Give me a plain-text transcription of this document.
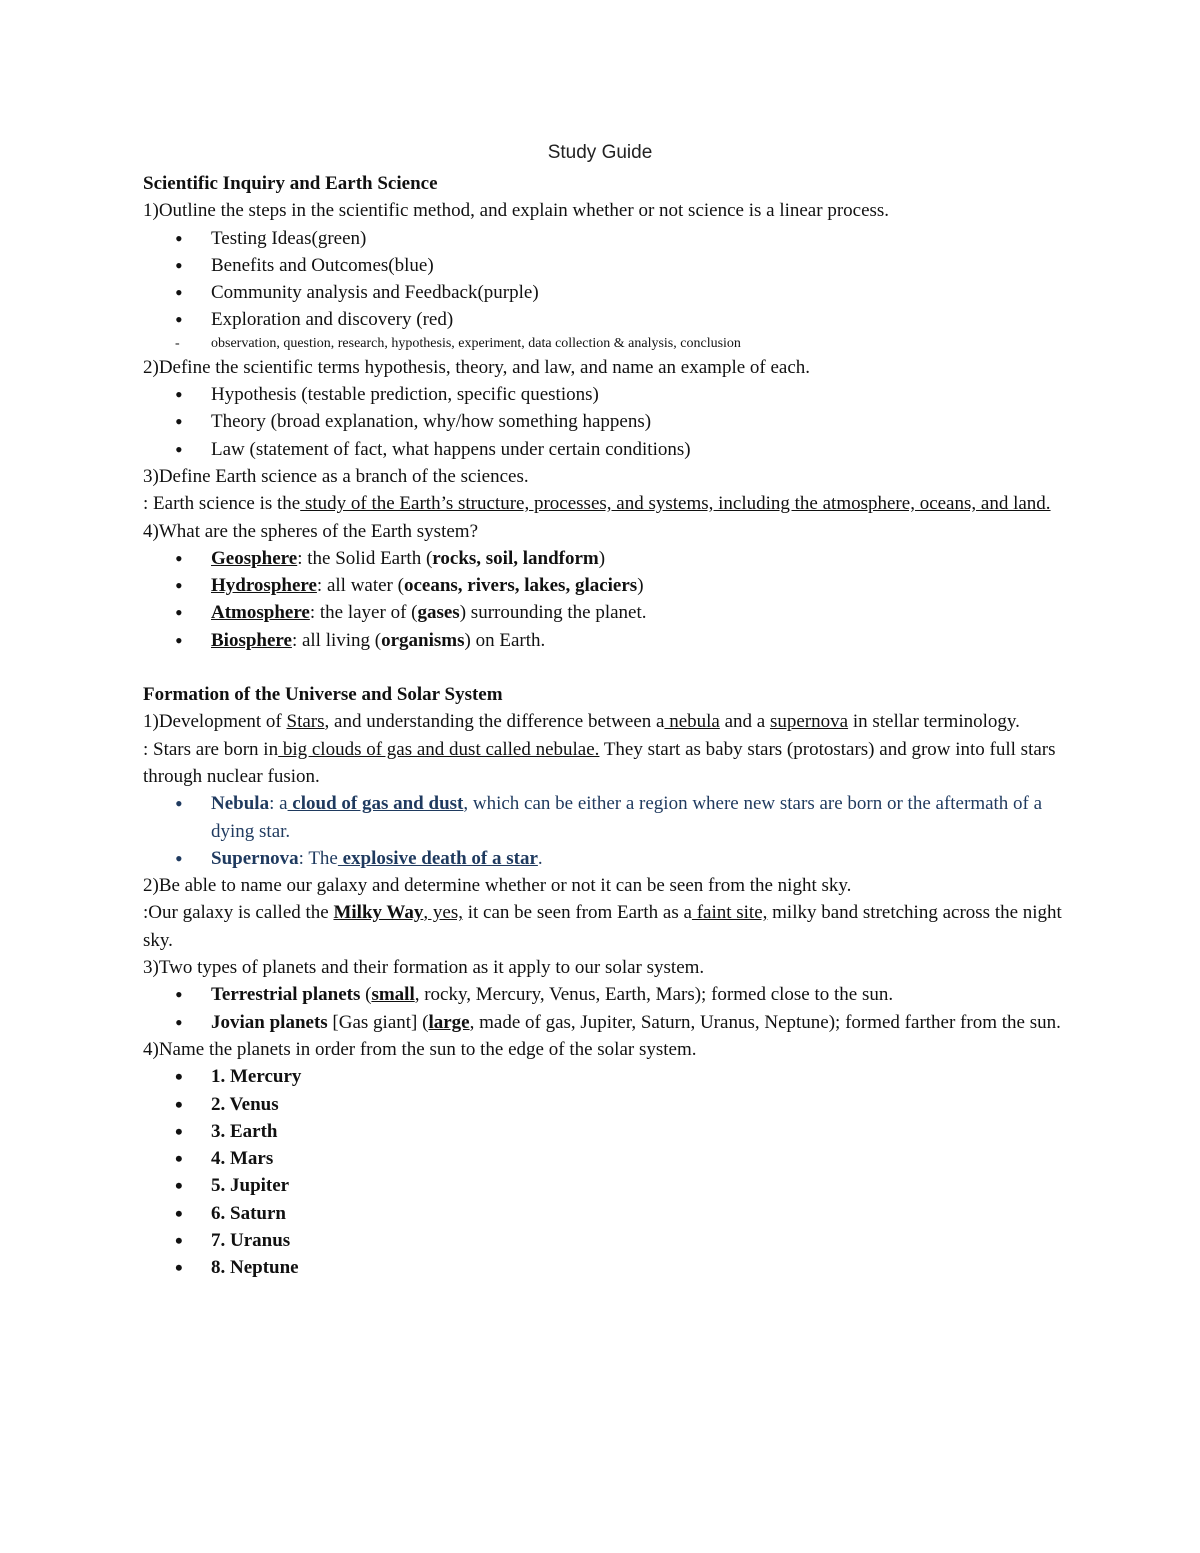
Study Guide
Scientific Inquiry and Earth Science
1)Outline the steps in the scientific method, and explain whether or not science is a linear process.
• Testing Ideas(green)
• Benefits and Outcomes(blue)
• Community analysis and Feedback(purple)
• Exploration and discovery (red)
- observation, question, research, hypothesis, experiment, data collection & analysis, conclusion
2)Define the scientific terms hypothesis, theory, and law, and name an example of each.
• Hypothesis (testable prediction, specific questions)
• Theory (broad explanation, why/how something happens)
• Law (statement of fact, what happens under certain conditions)
3)Define Earth science as a branch of the sciences.
: Earth science is the study of the Earth’s structure, processes, and systems, including the atmosphere, oceans, and land.
4)What are the spheres of the Earth system?
• Geosphere: the Solid Earth (rocks, soil, landform)
• Hydrosphere: all water (oceans, rivers, lakes, glaciers)
• Atmosphere: the layer of (gases) surrounding the planet.
• Biosphere: all living (organisms) on Earth.
Formation of the Universe and Solar System
1)Development of Stars, and understanding the difference between a nebula and a supernova in stellar terminology.
: Stars are born in big clouds of gas and dust called nebulae. They start as baby stars (protostars) and grow into full stars through nuclear fusion.
• Nebula: a cloud of gas and dust, which can be either a region where new stars are born or the aftermath of a dying star.
• Supernova: The explosive death of a star.
2)Be able to name our galaxy and determine whether or not it can be seen from the night sky.
:Our galaxy is called the Milky Way, yes, it can be seen from Earth as a faint site, milky band stretching across the night sky.
3)Two types of planets and their formation as it apply to our solar system.
• Terrestrial planets (small, rocky, Mercury, Venus, Earth, Mars); formed close to the sun.
• Jovian planets [Gas giant] (large, made of gas, Jupiter, Saturn, Uranus, Neptune); formed farther from the sun.
4)Name the planets in order from the sun to the edge of the solar system.
• 1. Mercury
• 2. Venus
• 3. Earth
• 4. Mars
• 5. Jupiter
• 6. Saturn
• 7. Uranus
• 8. Neptune
